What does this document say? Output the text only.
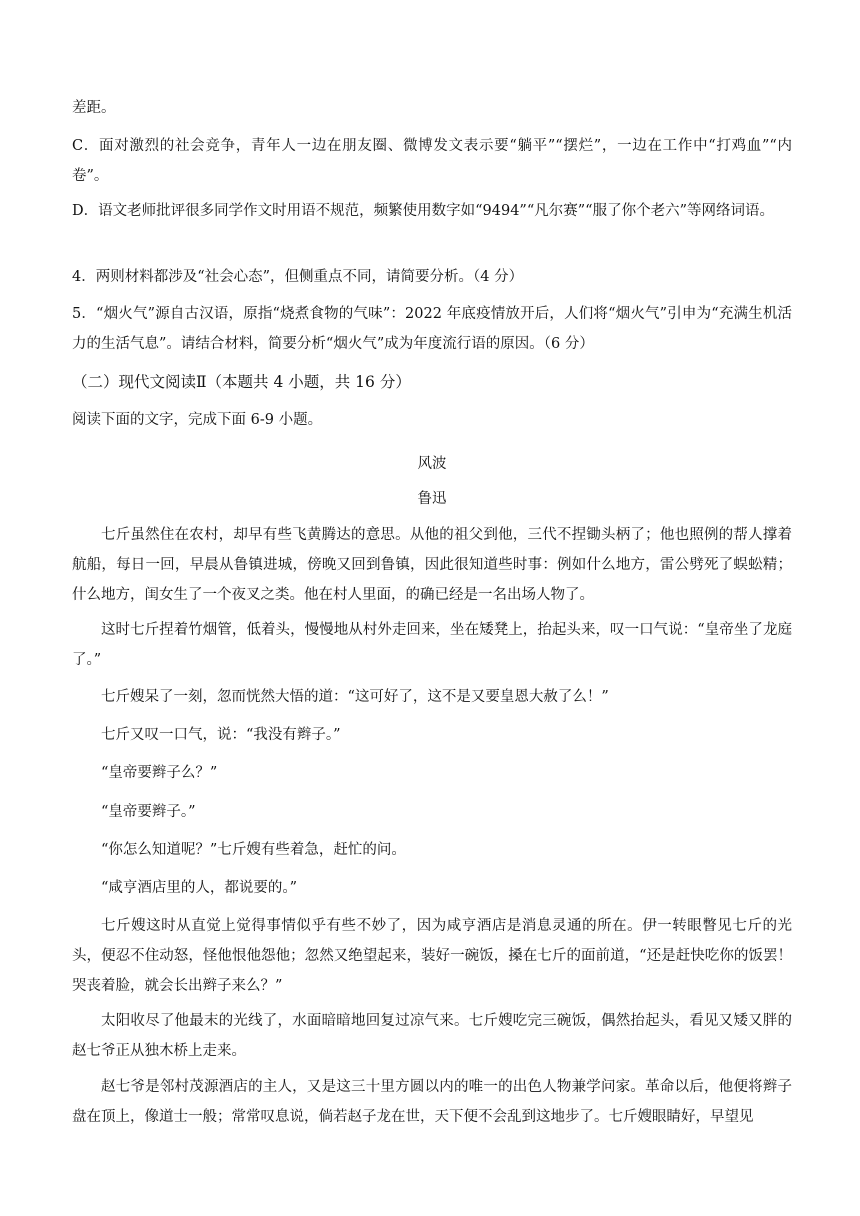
差距。

C．面对激烈的社会竞争，青年人一边在朋友圈、微博发文表示要“躺平”“摆烂”，一边在工作中“打鸡血”“内卷”。

D．语文老师批评很多同学作文时用语不规范，频繁使用数字如“9494”“凡尔赛”“服了你个老六”等网络词语。

4．两则材料都涉及“社会心态”，但侧重点不同，请简要分析。（4 分）

5．“烟火气”源自古汉语，原指“烧煮食物的气味”：2022 年底疫情放开后，人们将“烟火气”引申为“充满生机活力的生活气息”。请结合材料，简要分析“烟火气”成为年度流行语的原因。（6 分）

（二）现代文阅读Ⅱ（本题共 4 小题，共 16 分）

阅读下面的文字，完成下面 6-9 小题。

风波

鲁迅

七斤虽然住在农村，却早有些飞黄腾达的意思。从他的祖父到他，三代不捏锄头柄了；他也照例的帮人撑着航船，每日一回，早晨从鲁镇进城，傍晚又回到鲁镇，因此很知道些时事：例如什么地方，雷公劈死了蜈蚣精；什么地方，闺女生了一个夜叉之类。他在村人里面，的确已经是一名出场人物了。

这时七斤捏着竹烟管，低着头，慢慢地从村外走回来，坐在矮凳上，抬起头来，叹一口气说：“皇帝坐了龙庭了。”

七斤嫂呆了一刻，忽而恍然大悟的道：“这可好了，这不是又要皇恩大赦了么！”

七斤又叹一口气，说：“我没有辫子。”

“皇帝要辫子么？”

“皇帝要辫子。”

“你怎么知道呢？”七斤嫂有些着急，赶忙的问。

“咸亨酒店里的人，都说要的。”

七斤嫂这时从直觉上觉得事情似乎有些不妙了，因为咸亨酒店是消息灵通的所在。伊一转眼瞥见七斤的光头，便忍不住动怒，怪他恨他怨他；忽然又绝望起来，装好一碗饭，搡在七斤的面前道，“还是赶快吃你的饭罢！哭丧着脸，就会长出辫子来么？”

太阳收尽了他最末的光线了，水面暗暗地回复过凉气来。七斤嫂吃完三碗饭，偶然抬起头，看见又矮又胖的赵七爷正从独木桥上走来。

赵七爷是邻村茂源酒店的主人，又是这三十里方圆以内的唯一的出色人物兼学问家。革命以后，他便将辫子盘在顶上，像道士一般；常常叹息说，倘若赵子龙在世，天下便不会乱到这地步了。七斤嫂眼睛好，早望见
